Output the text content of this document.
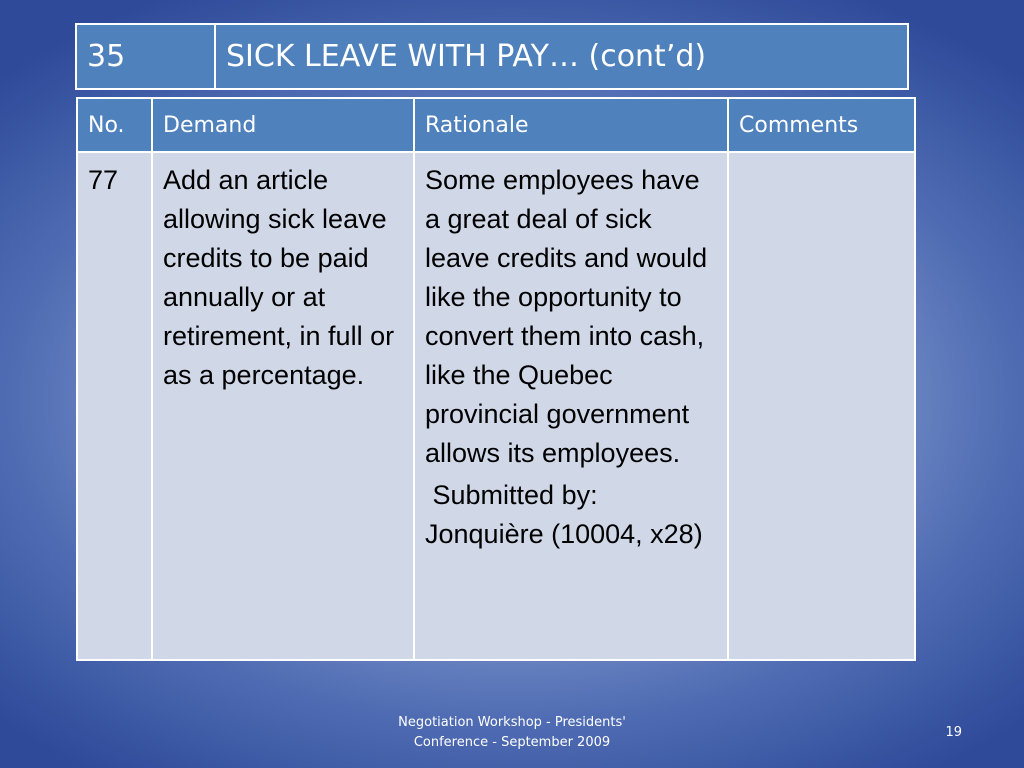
35	SICK LEAVE WITH PAY… (cont’d)
No.	Demand	Rationale	Comments
77	Add an article allowing sick leave credits to be paid annually or at retirement, in full or as a percentage.	Some employees have a great deal of sick leave credits and would like the opportunity to convert them into cash, like the Quebec provincial government allows its employees.
Submitted by: Jonquière (10004, x28)	

Negotiation Workshop - Presidents'
Conference - September 2009
19
